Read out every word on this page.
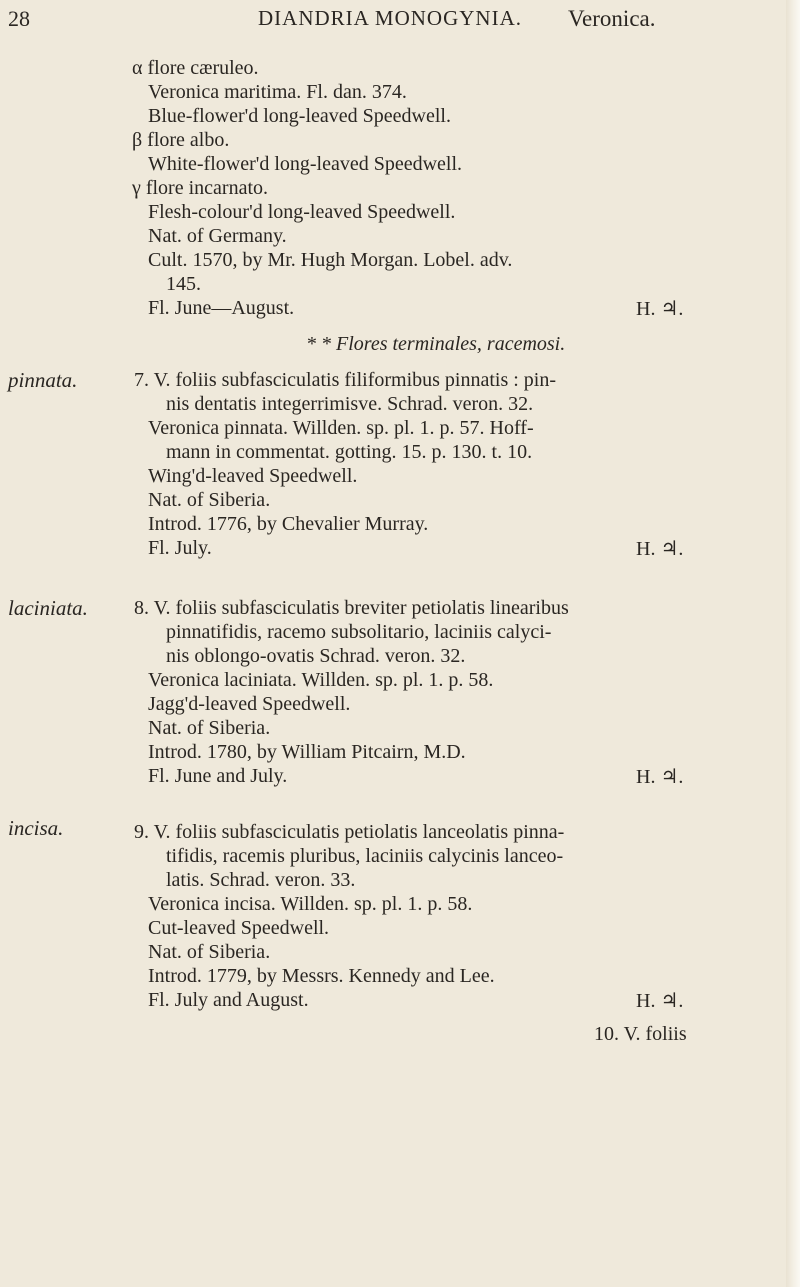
28	DIANDRIA MONOGYNIA. Veronica.
α flore cæruleo.
Veronica maritima. Fl. dan. 374.
Blue-flower'd long-leaved Speedwell.
β flore albo.
White-flower'd long-leaved Speedwell.
γ flore incarnato.
Flesh-colour'd long-leaved Speedwell.
Nat. of Germany.
Cult. 1570, by Mr. Hugh Morgan. Lobel. adv.
145.
Fl. June—August.	H. ♃.
* * Flores terminales, racemosi.
pinnata.	7. V. foliis subfasciculatis filiformibus pinnatis : pin-
nis dentatis integerrimisve. Schrad. veron. 32.
Veronica pinnata. Willden. sp. pl. 1. p. 57. Hoff-
mann in commentat. gotting. 15. p. 130. t. 10.
Wing'd-leaved Speedwell.
Nat. of Siberia.
Introd. 1776, by Chevalier Murray.
Fl. July.	H. ♃.
laciniata. 8. V. foliis subfasciculatis breviter petiolatis linearibus
pinnatifidis, racemo subsolitario, laciniis calyci-
nis oblongo-ovatis Schrad. veron. 32.
Veronica laciniata. Willden. sp. pl. 1. p. 58.
Jagg'd-leaved Speedwell.
Nat. of Siberia.
Introd. 1780, by William Pitcairn, M.D.
Fl. June and July.	H. ♃.
incisa.	9. V. foliis subfasciculatis petiolatis lanceolatis pinna-
tifidis, racemis pluribus, laciniis calycinis lanceo-
latis. Schrad. veron. 33.
Veronica incisa. Willden. sp. pl. 1. p. 58.
Cut-leaved Speedwell.
Nat. of Siberia.
Introd. 1779, by Messrs. Kennedy and Lee.
Fl. July and August.	H. ♃.
10. V. foliis
